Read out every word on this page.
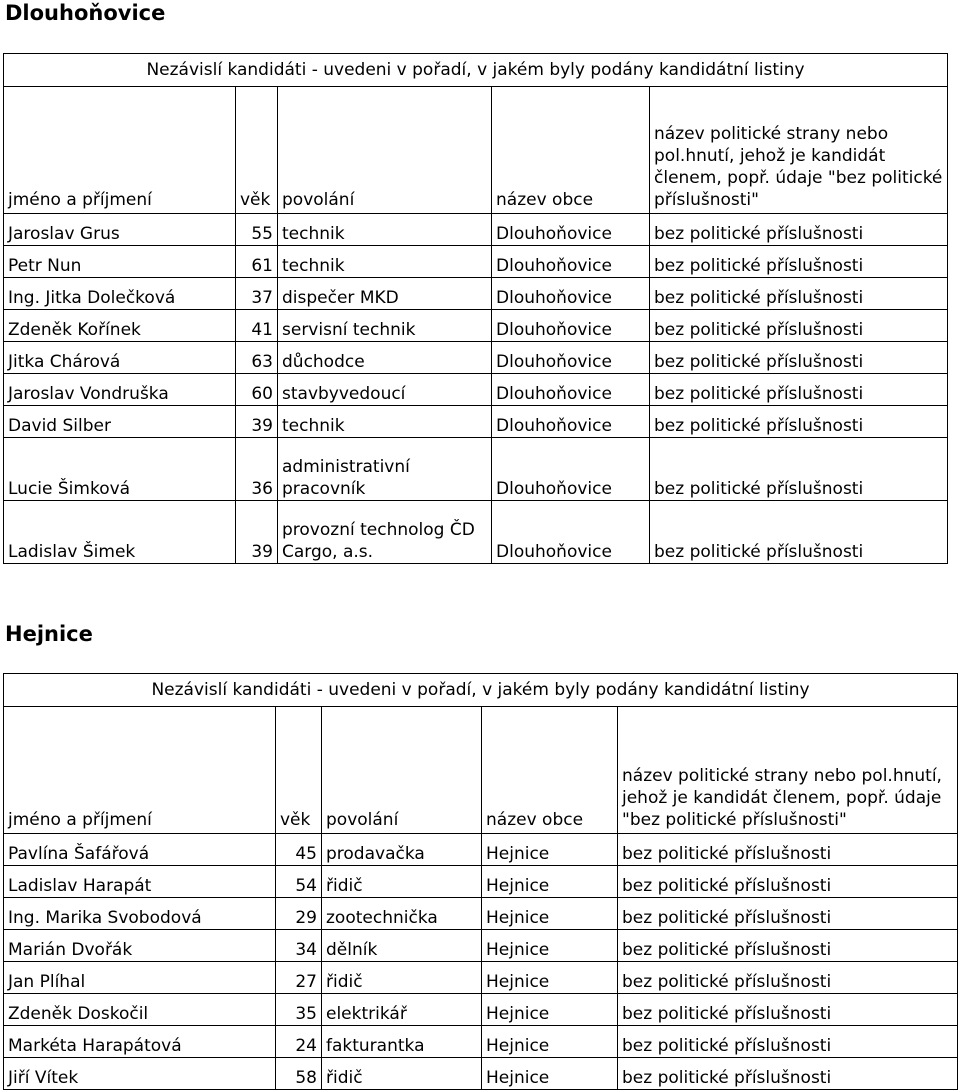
Dlouhoňovice
Nezávislí kandidáti - uvedeni v pořadí, v jakém byly podány kandidátní listiny				
jméno a příjmení	věk	povolání	název obce	název politické strany nebo pol.hnutí, jehož je kandidát členem, popř. údaje "bez politické příslušnosti"
Jaroslav Grus	55	technik	Dlouhoňovice	bez politické příslušnosti
Petr Nun	61	technik	Dlouhoňovice	bez politické příslušnosti
Ing. Jitka Dolečková	37	dispečer MKD	Dlouhoňovice	bez politické příslušnosti
Zdeněk Kořínek	41	servisní technik	Dlouhoňovice	bez politické příslušnosti
Jitka Chárová	63	důchodce	Dlouhoňovice	bez politické příslušnosti
Jaroslav Vondruška	60	stavbyvedoucí	Dlouhoňovice	bez politické příslušnosti
David Silber	39	technik	Dlouhoňovice	bez politické příslušnosti
Lucie Šimková	36	administrativní pracovník	Dlouhoňovice	bez politické příslušnosti
Ladislav Šimek	39	provozní technolog ČD Cargo, a.s.	Dlouhoňovice	bez politické příslušnosti
Hejnice
Nezávislí kandidáti - uvedeni v pořadí, v jakém byly podány kandidátní listiny				
jméno a příjmení	věk	povolání	název obce	název politické strany nebo pol.hnutí, jehož je kandidát členem, popř. údaje "bez politické příslušnosti"
Pavlína Šafářová	45	prodavačka	Hejnice	bez politické příslušnosti
Ladislav Harapát	54	řidič	Hejnice	bez politické příslušnosti
Ing. Marika Svobodová	29	zootechnička	Hejnice	bez politické příslušnosti
Marián Dvořák	34	dělník	Hejnice	bez politické příslušnosti
Jan Plíhal	27	řidič	Hejnice	bez politické příslušnosti
Zdeněk Doskočil	35	elektrikář	Hejnice	bez politické příslušnosti
Markéta Harapátová	24	fakturantka	Hejnice	bez politické příslušnosti
Jiří Vítek	58	řidič	Hejnice	bez politické příslušnosti
